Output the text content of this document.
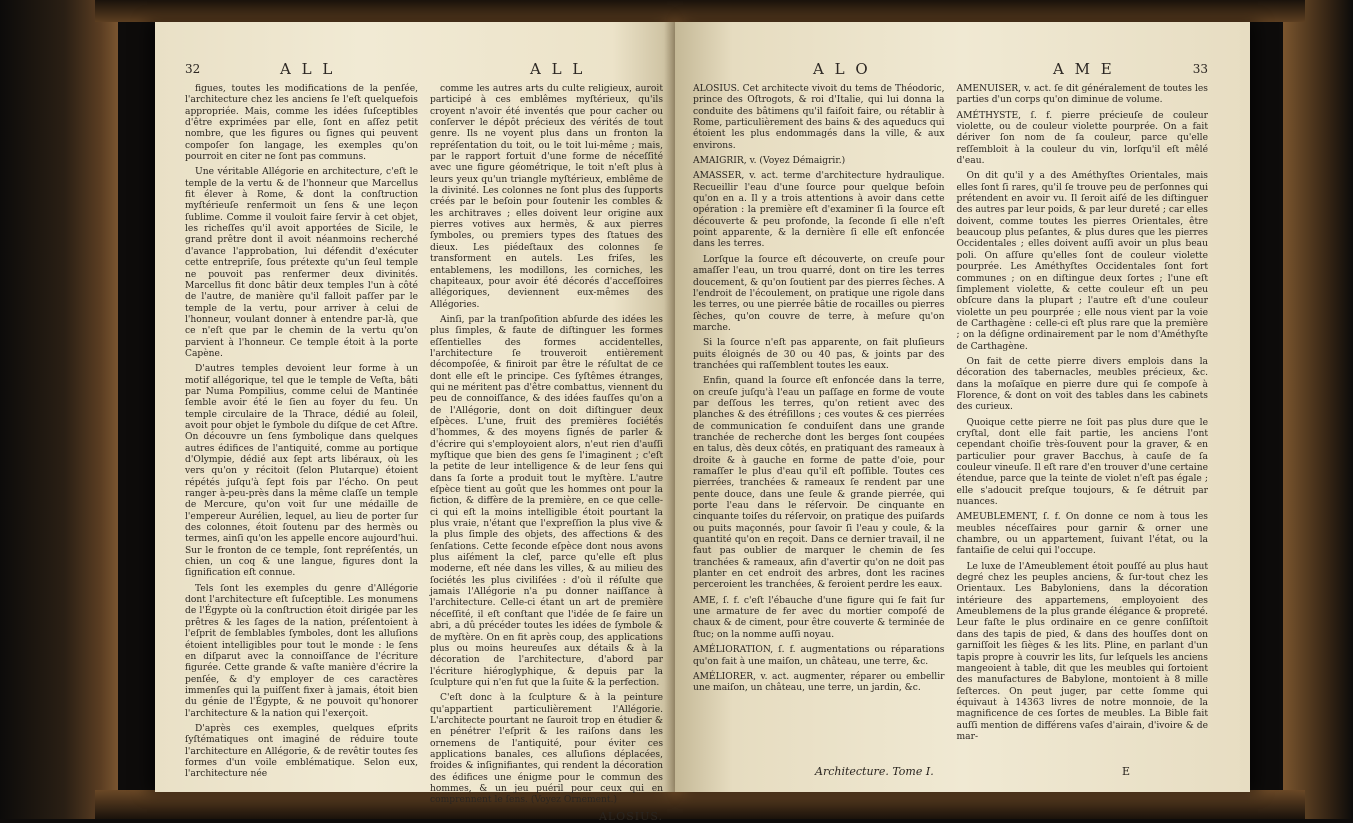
32	A L L	A L L

figues, toutes les modifications de la penſée, l'architecture chez les anciens ſe l'eſt quelquefois appropriée. Mais, comme les idées ſuſceptibles d'être exprimées par elle, ſont en aſſez petit nombre, que les figures ou ſignes qui peuvent compoſer ſon langage, les exemples qu'on pourroit en citer ne ſont pas communs.

Une véritable Allégorie en architecture, c'eſt le temple de la vertu & de l'honneur que Marcellus fit élever à Rome, & dont la conſtruction myſtérieuſe renfermoit un ſens & une leçon ſublime. Comme il vouloit faire ſervir à cet objet, les richeſſes qu'il avoit apportées de Sicile, le grand prêtre dont il avoit néanmoins recherché d'avance l'approbation, lui défendit d'exécuter cette entrepriſe, ſous prétexte qu'un ſeul temple ne pouvoit pas renfermer deux divinités. Marcellus fit donc bâtir deux temples l'un à côté de l'autre, de manière qu'il falloit paſſer par le temple de la vertu, pour arriver à celui de l'honneur, voulant donner à entendre par-là, que ce n'eſt que par le chemin de la vertu qu'on parvient à l'honneur. Ce temple étoit à la porte Capène.

D'autres temples devoient leur forme à un motif allégorique, tel que le temple de Veſta, bâti par Numa Pompilius, comme celui de Mantinée ſemble avoir été le ſien au foyer du feu. Un temple circulaire de la Thrace, dédié au ſoleil, avoit pour objet le ſymbole du diſque de cet Aſtre. On découvre un ſens ſymbolique dans quelques autres édifices de l'antiquité, comme au portique d'Olympie, dédié aux ſept arts libéraux, où les vers qu'on y récitoit (ſelon Plutarque) étoient répétés juſqu'à ſept fois par l'écho. On peut ranger à-peu-près dans la même claſſe un temple de Mercure, qu'on voit ſur une médaille de l'empereur Aurélien, lequel, au lieu de porter ſur des colonnes, étoit ſoutenu par des hermès ou termes, ainſi qu'on les appelle encore aujourd'hui. Sur le fronton de ce temple, ſont repréſentés, un chien, un coq & une langue, figures dont la ſignification eſt connue.

Tels ſont les exemples du genre d'Allégorie dont l'architecture eſt ſuſceptible. Les monumens de l'Égypte où la conſtruction étoit dirigée par les prêtres & les ſages de la nation, préſentoient à l'eſprit de ſemblables ſymboles, dont les alluſions étoient intelligibles pour tout le monde : le ſens en diſparut avec la connoiſſance de l'écriture figurée. Cette grande & vaſte manière d'écrire la penſée, & d'y employer de ces caractères immenſes qui la puiſſent fixer à jamais, étoit bien du génie de l'Égypte, & ne pouvoit qu'honorer l'architecture & la nation qui l'exerçoit.

D'après ces exemples, quelques eſprits ſyſtématiques ont imaginé de réduire toute l'architecture en Allégorie, & de revêtir toutes ſes formes d'un voile emblématique. Selon eux, l'architecture née

comme les autres arts du culte religieux, auroit participé à ces emblêmes myſtérieux, qu'ils croyent n'avoir été inventés que pour cacher ou conſerver le dépôt précieux des vérités de tout genre. Ils ne voyent plus dans un fronton la repréſentation du toit, ou le toit lui-même ; mais, par le rapport fortuit d'une forme de néceſſité avec une figure géométrique, le toit n'eſt plus à leurs yeux qu'un triangle myſtérieux, emblême de la divinité. Les colonnes ne ſont plus des ſupports créés par le beſoin pour ſoutenir les combles & les architraves ; elles doivent leur origine aux pierres votives aux hermès, & aux pierres ſymboles, ou premiers types des ſtatues des dieux. Les piédeſtaux des colonnes ſe transforment en autels. Les friſes, les entablemens, les modillons, les corniches, les chapiteaux, pour avoir été décorés d'acceſſoires allégoriques, deviennent eux-mêmes des Allégories.

Ainſi, par la tranſpoſition abſurde des idées les plus ſimples, & faute de diſtinguer les formes eſſentielles des formes accidentelles, l'architecture ſe trouveroit entièrement décompoſée, & finiroit par être le réſultat de ce dont elle eſt le principe. Ces ſyſtêmes étranges, qui ne méritent pas d'être combattus, viennent du peu de connoiſſance, & des idées fauſſes qu'on a de l'Allégorie, dont on doit diſtinguer deux eſpèces. L'une, fruit des premières ſociétés d'hommes, & des moyens ſignés de parler & d'écrire qui s'employoient alors, n'eut rien d'auſſi myſtique que bien des gens ſe l'imaginent ; c'eſt la petite de leur intelligence & de leur ſens qui dans ſa ſorte a produit tout le myſtère. L'autre eſpèce tient au goût que les hommes ont pour la fiction, & diffère de la première, en ce que celle-ci qui eſt la moins intelligible étoit pourtant la plus vraie, n'étant que l'expreſſion la plus vive & la plus ſimple des objets, des affections & des ſenſations. Cette ſeconde eſpèce dont nous avons plus aiſément la clef, parce qu'elle eſt plus moderne, eſt née dans les villes, & au milieu des ſociétés les plus civiliſées : d'où il réſulte que jamais l'Allégorie n'a pu donner naiſſance à l'architecture. Celle-ci étant un art de première néceſſité, il eſt conſtant que l'idée de ſe faire un abri, a dû précéder toutes les idées de ſymbole & de myſtère. On en fit après coup, des applications plus ou moins heureuſes aux détails & à la décoration de l'architecture, d'abord par l'écriture hiéroglyphique, & depuis par la ſculpture qui n'en fut que la ſuite & la perfection.

C'eſt donc à la ſculpture & à la peinture qu'appartient particulièrement l'Allégorie. L'architecte pourtant ne ſauroit trop en étudier & en pénétrer l'eſprit & les raiſons dans les ornemens de l'antiquité, pour éviter ces applications banales, ces alluſions déplacées, froides & inſignifiantes, qui rendent la décoration des édifices une énigme pour le commun des hommes, & un jeu puéril pour ceux qui en comprennent le ſens. (Voyez Ornement.)

ALOSIUS.
A L O	A M E	33

ALOSIUS. Cet architecte vivoit du tems de Théodoric, prince des Oſtrogots, & roi d'Italie, qui lui donna la conduite des bâtimens qu'il faiſoit faire, ou rétablir à Rome, particulièrement des bains & des aqueducs qui étoient les plus endommagés dans la ville, & aux environs.

AMAIGRIR, v. (Voyez Démaigrir.)

AMASSER, v. act. terme d'architecture hydraulique. Recueillir l'eau d'une ſource pour quelque beſoin qu'on en a. Il y a trois attentions à avoir dans cette opération : la première eſt d'examiner ſi la ſource eſt découverte & peu profonde, la ſeconde ſi elle n'eſt point apparente, & la dernière ſi elle eſt enfoncée dans les terres.

Lorſque la ſource eſt découverte, on creuſe pour amaſſer l'eau, un trou quarré, dont on tire les terres doucement, & qu'on ſoutient par des pierres ſèches. A l'endroit de l'écoulement, on pratique une rigole dans les terres, ou une pierrée bâtie de rocailles ou pierres ſèches, qu'on couvre de terre, à meſure qu'on marche.

Si la ſource n'eſt pas apparente, on fait pluſieurs puits éloignés de 30 ou 40 pas, & joints par des tranchées qui raſſemblent toutes les eaux.

Enfin, quand la ſource eſt enfoncée dans la terre, on creuſe juſqu'à l'eau un paſſage en forme de voute par deſſous les terres, qu'on retient avec des planches & des étréſillons ; ces voutes & ces pierrées de communication ſe conduiſent dans une grande tranchée de recherche dont les berges ſont coupées en talus, dès deux côtés, en pratiquant des rameaux à droite & à gauche en forme de patte d'oie, pour ramaſſer le plus d'eau qu'il eſt poſſible. Toutes ces pierrées, tranchées & rameaux ſe rendent par une pente douce, dans une ſeule & grande pierrée, qui porte l'eau dans le réſervoir. De cinquante en cinquante toiſes du réſervoir, on pratique des puiſards ou puits maçonnés, pour ſavoir ſi l'eau y coule, & la quantité qu'on en reçoit. Dans ce dernier travail, il ne faut pas oublier de marquer le chemin de ſes tranchées & rameaux, afin d'avertir qu'on ne doit pas planter en cet endroit des arbres, dont les racines perceroient les tranchées, & feroient perdre les eaux.

AME, ſ. f. c'eſt l'ébauche d'une figure qui ſe fait ſur une armature de fer avec du mortier compoſé de chaux & de ciment, pour être couverte & terminée de ſtuc; on la nomme auſſi noyau.

AMÉLIORATION, ſ. f. augmentations ou réparations qu'on fait à une maiſon, un château, une terre, &c.

AMÉLIORER, v. act. augmenter, réparer ou embellir une maiſon, un château, une terre, un jardin, &c.

AMENUISER, v. act. ſe dit généralement de toutes les parties d'un corps qu'on diminue de volume.

AMÉTHYSTE, ſ. f. pierre précieuſe de couleur violette, ou de couleur violette pourprée. On a fait dériver ſon nom de ſa couleur, parce qu'elle reſſembloit à la couleur du vin, lorſqu'il eſt mêlé d'eau.

On dit qu'il y a des Améthyſtes Orientales, mais elles ſont ſi rares, qu'il ſe trouve peu de perſonnes qui prétendent en avoir vu. Il ſeroit aiſé de les diſtinguer des autres par leur poids, & par leur dureté ; car elles doivent, comme toutes les pierres Orientales, être beaucoup plus peſantes, & plus dures que les pierres Occidentales ; elles doivent auſſi avoir un plus beau poli. On aſſure qu'elles ſont de couleur violette pourprée. Les Améthyſtes Occidentales ſont fort communes ; on en diſtingue deux ſortes ; l'une eſt ſimplement violette, & cette couleur eſt un peu obſcure dans la plupart ; l'autre eſt d'une couleur violette un peu pourprée ; elle nous vient par la voie de Carthagène : celle-ci eſt plus rare que la première ; on la déſigne ordinairement par le nom d'Améthyſte de Carthagène.

On fait de cette pierre divers emplois dans la décoration des tabernacles, meubles précieux, &c. dans la moſaïque en pierre dure qui ſe compoſe à Florence, & dont on voit des tables dans les cabinets des curieux.

Quoique cette pierre ne ſoit pas plus dure que le cryſtal, dont elle fait partie, les anciens l'ont cependant choiſie très-ſouvent pour la graver, & en particulier pour graver Bacchus, à cauſe de ſa couleur vineuſe. Il eſt rare d'en trouver d'une certaine étendue, parce que la teinte de violet n'eſt pas égale ; elle s'adoucit preſque toujours, & ſe détruit par nuances.

AMEUBLEMENT, ſ. f. On donne ce nom à tous les meubles néceſſaires pour garnir & orner une chambre, ou un appartement, ſuivant l'état, ou la fantaiſie de celui qui l'occupe.

Le luxe de l'Ameublement étoit pouſſé au plus haut degré chez les peuples anciens, & ſur-tout chez les Orientaux. Les Babyloniens, dans la décoration intérieure des appartemens, employoient des Ameublemens de la plus grande élégance & propreté. Leur faſte le plus ordinaire en ce genre conſiſtoit dans des tapis de pied, & dans des houſſes dont on garniſſoit les ſièges & les lits. Pline, en parlant d'un tapis propre à couvrir les lits, ſur leſquels les anciens mangeoient à table, dit que les meubles qui ſortoient des manufactures de Babylone, montoient à 8 mille ſeſterces. On peut juger, par cette ſomme qui équivaut à 14363 livres de notre monnoie, de la magnificence de ces ſortes de meubles. La Bible fait auſſi mention de différens vaſes d'airain, d'ivoire & de mar-

Architecture. Tome I.	E
